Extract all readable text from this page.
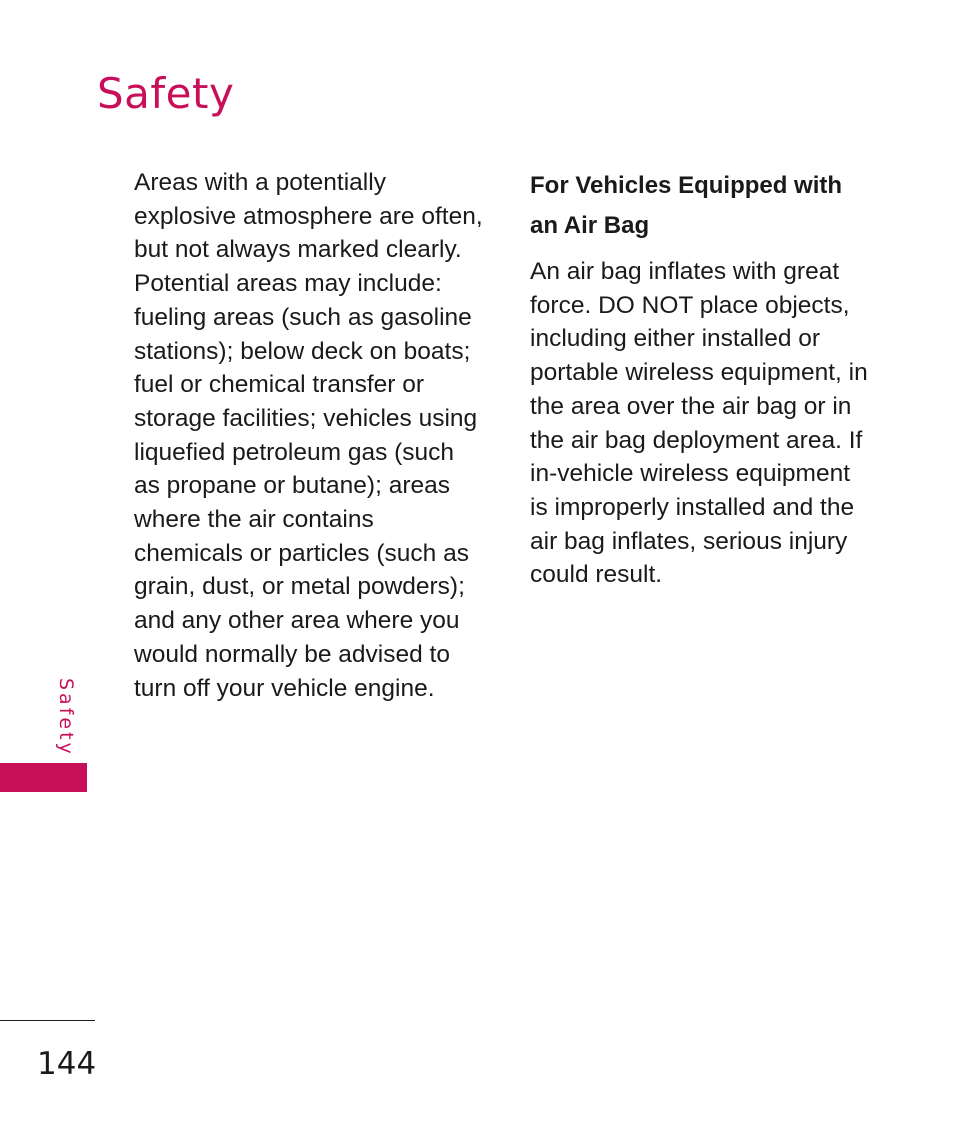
Safety

Areas with a potentially explosive atmosphere are often, but not always marked clearly. Potential areas may include: fueling areas (such as gasoline stations); below deck on boats; fuel or chemical transfer or storage facilities; vehicles using liquefied petroleum gas (such as propane or butane); areas where the air contains chemicals or particles (such as grain, dust, or metal powders); and any other area where you would normally be advised to turn off your vehicle engine.

For Vehicles Equipped with an Air Bag

An air bag inflates with great force. DO NOT place objects, including either installed or portable wireless equipment, in the area over the air bag or in the air bag deployment area. If in-vehicle wireless equipment is improperly installed and the air bag inflates, serious injury could result.

Safety
144
